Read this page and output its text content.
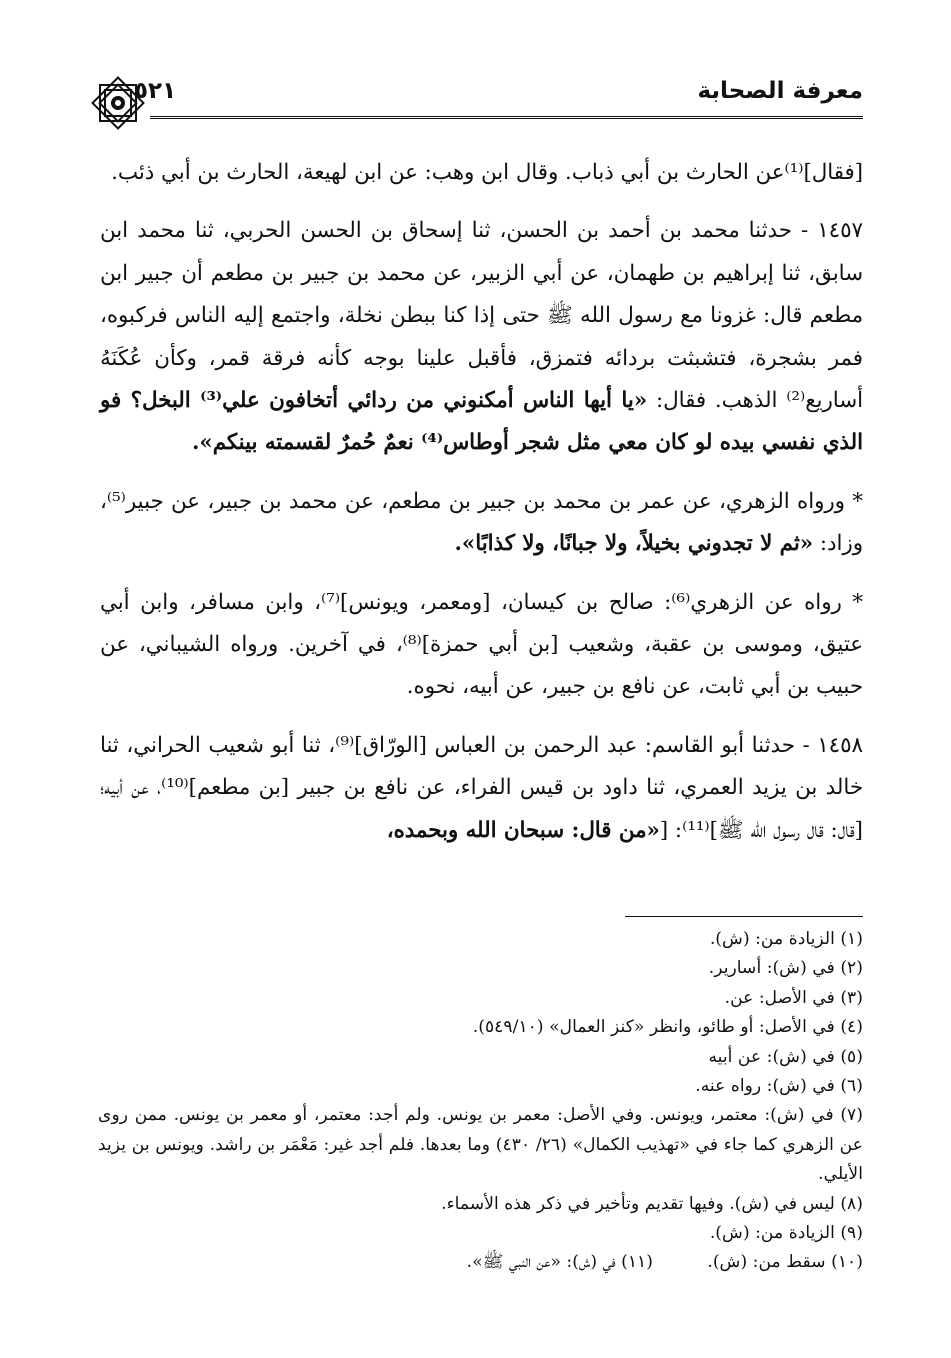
معرفة الصحابة
٥٢١

[فقال]⁽¹⁾عن الحارث بن أبي ذباب. وقال ابن وهب: عن ابن لهيعة، الحارث بن أبي ذئب.

١٤٥٧ - حدثنا محمد بن أحمد بن الحسن، ثنا إسحاق بن الحسن الحربي، ثنا محمد ابن سابق، ثنا إبراهيم بن طهمان، عن أبي الزبير، عن محمد بن جبير بن مطعم أن جبير ابن مطعم قال: غزونا مع رسول الله ﷺ حتى إذا كنا ببطن نخلة، واجتمع إليه الناس فركبوه، فمر بشجرة، فتشبثت بردائه فتمزق، فأقبل علينا بوجه كأنه فرقة قمر، وكأن عُكَنَهُ أساريع⁽²⁾ الذهب. فقال: «يا أيها الناس أمكنوني من ردائي أتخافون علي⁽³⁾ البخل؟ فو الذي نفسي بيده لو كان معي مثل شجر أوطاس⁽⁴⁾ نعمٌ حُمرٌ لقسمته بينكم».

* ورواه الزهري، عن عمر بن محمد بن جبير بن مطعم، عن محمد بن جبير، عن جبير⁽⁵⁾، وزاد: «ثم لا تجدوني بخيلاً، ولا جبانًا، ولا كذابًا».

* رواه عن الزهري⁽⁶⁾: صالح بن كيسان، [ومعمر، ويونس]⁽⁷⁾، وابن مسافر، وابن أبي عتيق، وموسى بن عقبة، وشعيب [بن أبي حمزة]⁽⁸⁾، في آخرين. ورواه الشيباني، عن حبيب بن أبي ثابت، عن نافع بن جبير، عن أبيه، نحوه.

١٤٥٨ - حدثنا أبو القاسم: عبد الرحمن بن العباس [الورّاق]⁽⁹⁾، ثنا أبو شعيب الحراني، ثنا خالد بن يزيد العمري، ثنا داود بن قيس الفراء، عن نافع بن جبير [بن مطعم]⁽¹⁰⁾، عن أبيه؛ [قال: قال رسول الله ﷺ]⁽¹¹⁾: [«من قال: سبحان الله وبحمده،

(١) الزيادة من: (ش).

(٢) في (ش): أسارير.

(٣) في الأصل: عن.

(٤) في الأصل: أو طائو، وانظر «كنز العمال» (٥٤٩/١٠).

(٥) في (ش): عن أبيه

(٦) في (ش): رواه عنه.

(٧) في (ش): معتمر، ويونس. وفي الأصل: معمر بن يونس. ولم أجد: معتمر، أو معمر بن يونس. ممن روى عن الزهري كما جاء في «تهذيب الكمال» (٢٦/ ٤٣٠) وما بعدها. فلم أجد غير: مَعْمَر بن راشد. ويونس بن يزيد الأيلي.

(٨) ليس في (ش). وفيها تقديم وتأخير في ذكر هذه الأسماء.

(٩) الزيادة من: (ش).

(١٠) سقط من: (ش).
(١١) في (ش): «عن النبي ﷺ».
